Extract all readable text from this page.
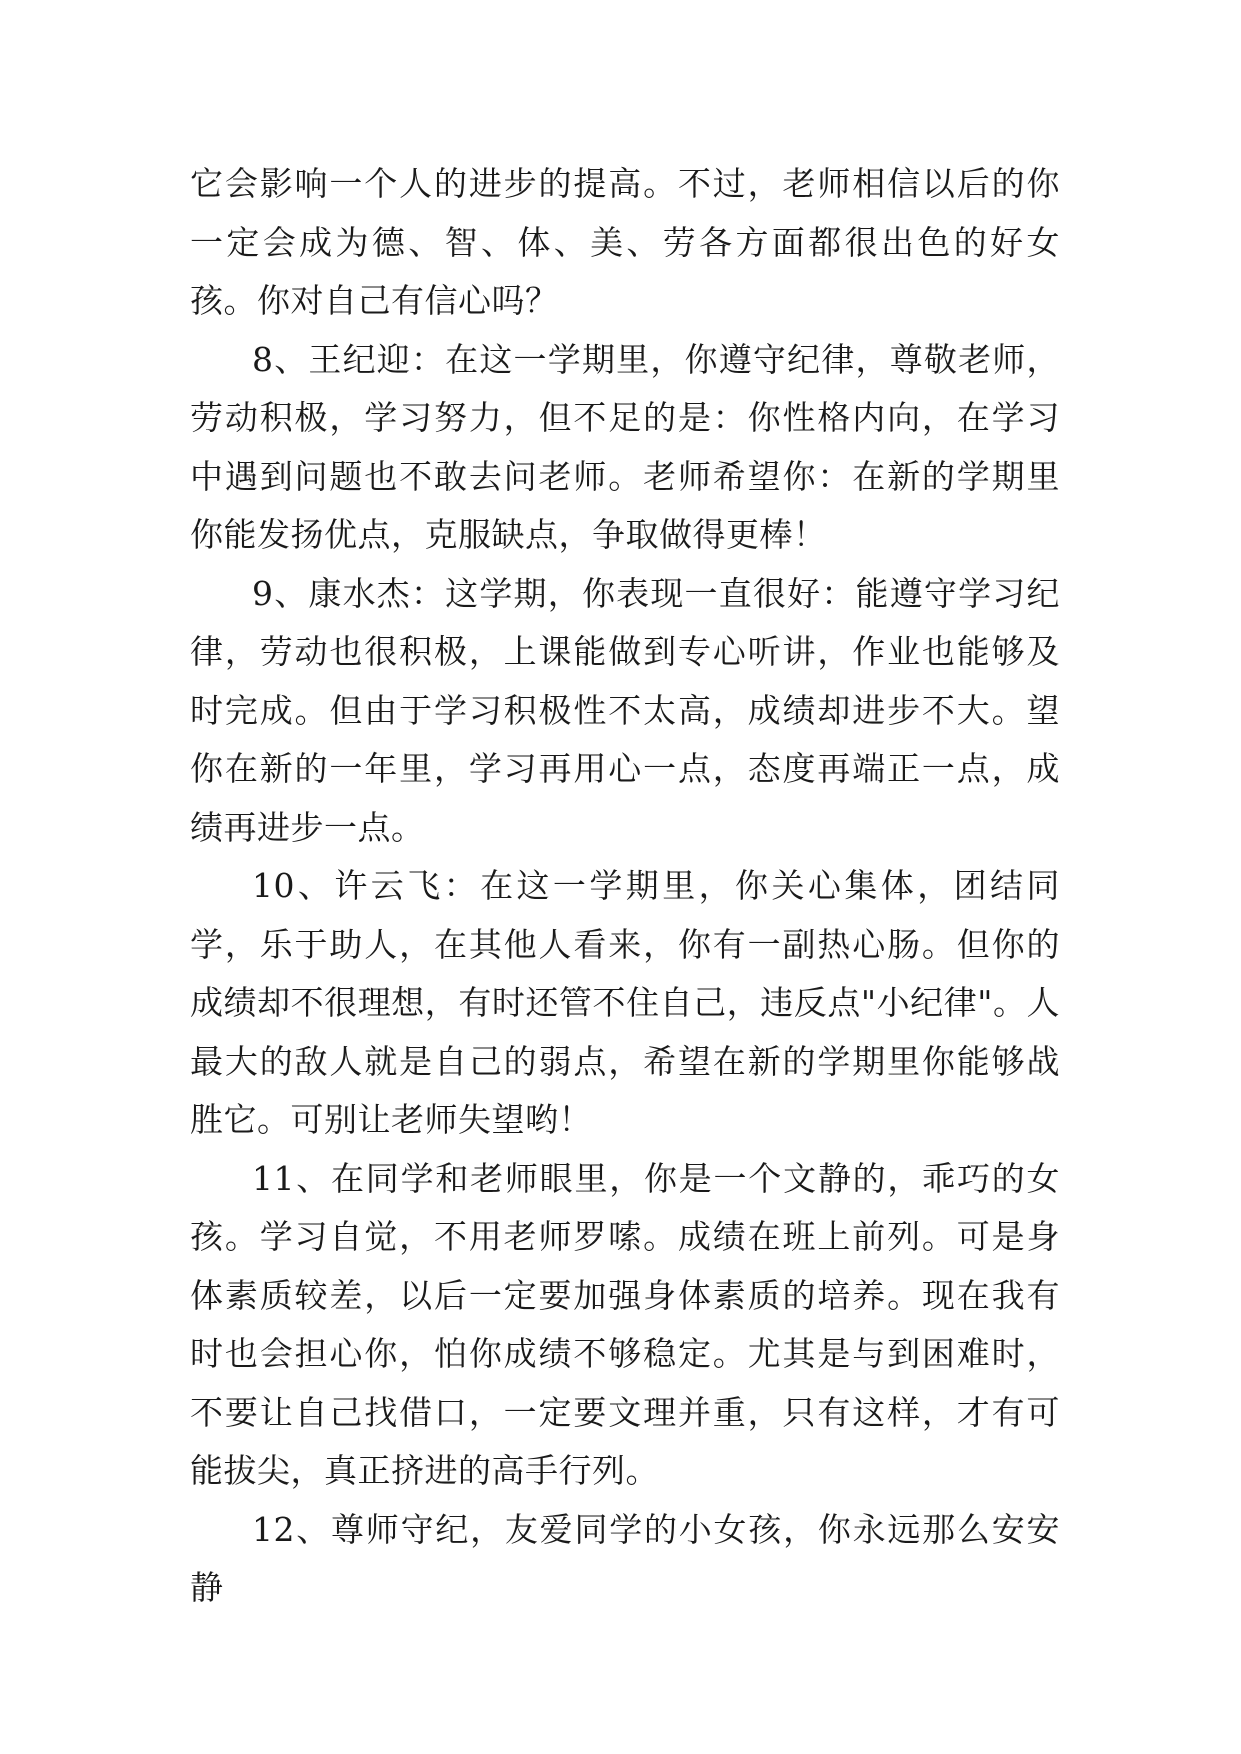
它会影响一个人的进步的提高。不过，老师相信以后的你一定会成为德、智、体、美、劳各方面都很出色的好女孩。你对自己有信心吗？

8、王纪迎：在这一学期里，你遵守纪律，尊敬老师，劳动积极，学习努力，但不足的是：你性格内向，在学习中遇到问题也不敢去问老师。老师希望你：在新的学期里你能发扬优点，克服缺点，争取做得更棒！

9、康水杰：这学期，你表现一直很好：能遵守学习纪律，劳动也很积极，上课能做到专心听讲，作业也能够及时完成。但由于学习积极性不太高，成绩却进步不大。望你在新的一年里，学习再用心一点，态度再端正一点，成绩再进步一点。

10、许云飞：在这一学期里，你关心集体，团结同学，乐于助人，在其他人看来，你有一副热心肠。但你的成绩却不很理想，有时还管不住自己，违反点"小纪律"。人最大的敌人就是自己的弱点，希望在新的学期里你能够战胜它。可别让老师失望哟！

11、在同学和老师眼里，你是一个文静的，乖巧的女孩。学习自觉，不用老师罗嗦。成绩在班上前列。可是身体素质较差，以后一定要加强身体素质的培养。现在我有时也会担心你，怕你成绩不够稳定。尤其是与到困难时，不要让自己找借口，一定要文理并重，只有这样，才有可能拔尖，真正挤进的高手行列。

12、尊师守纪，友爱同学的小女孩，你永远那么安安静
